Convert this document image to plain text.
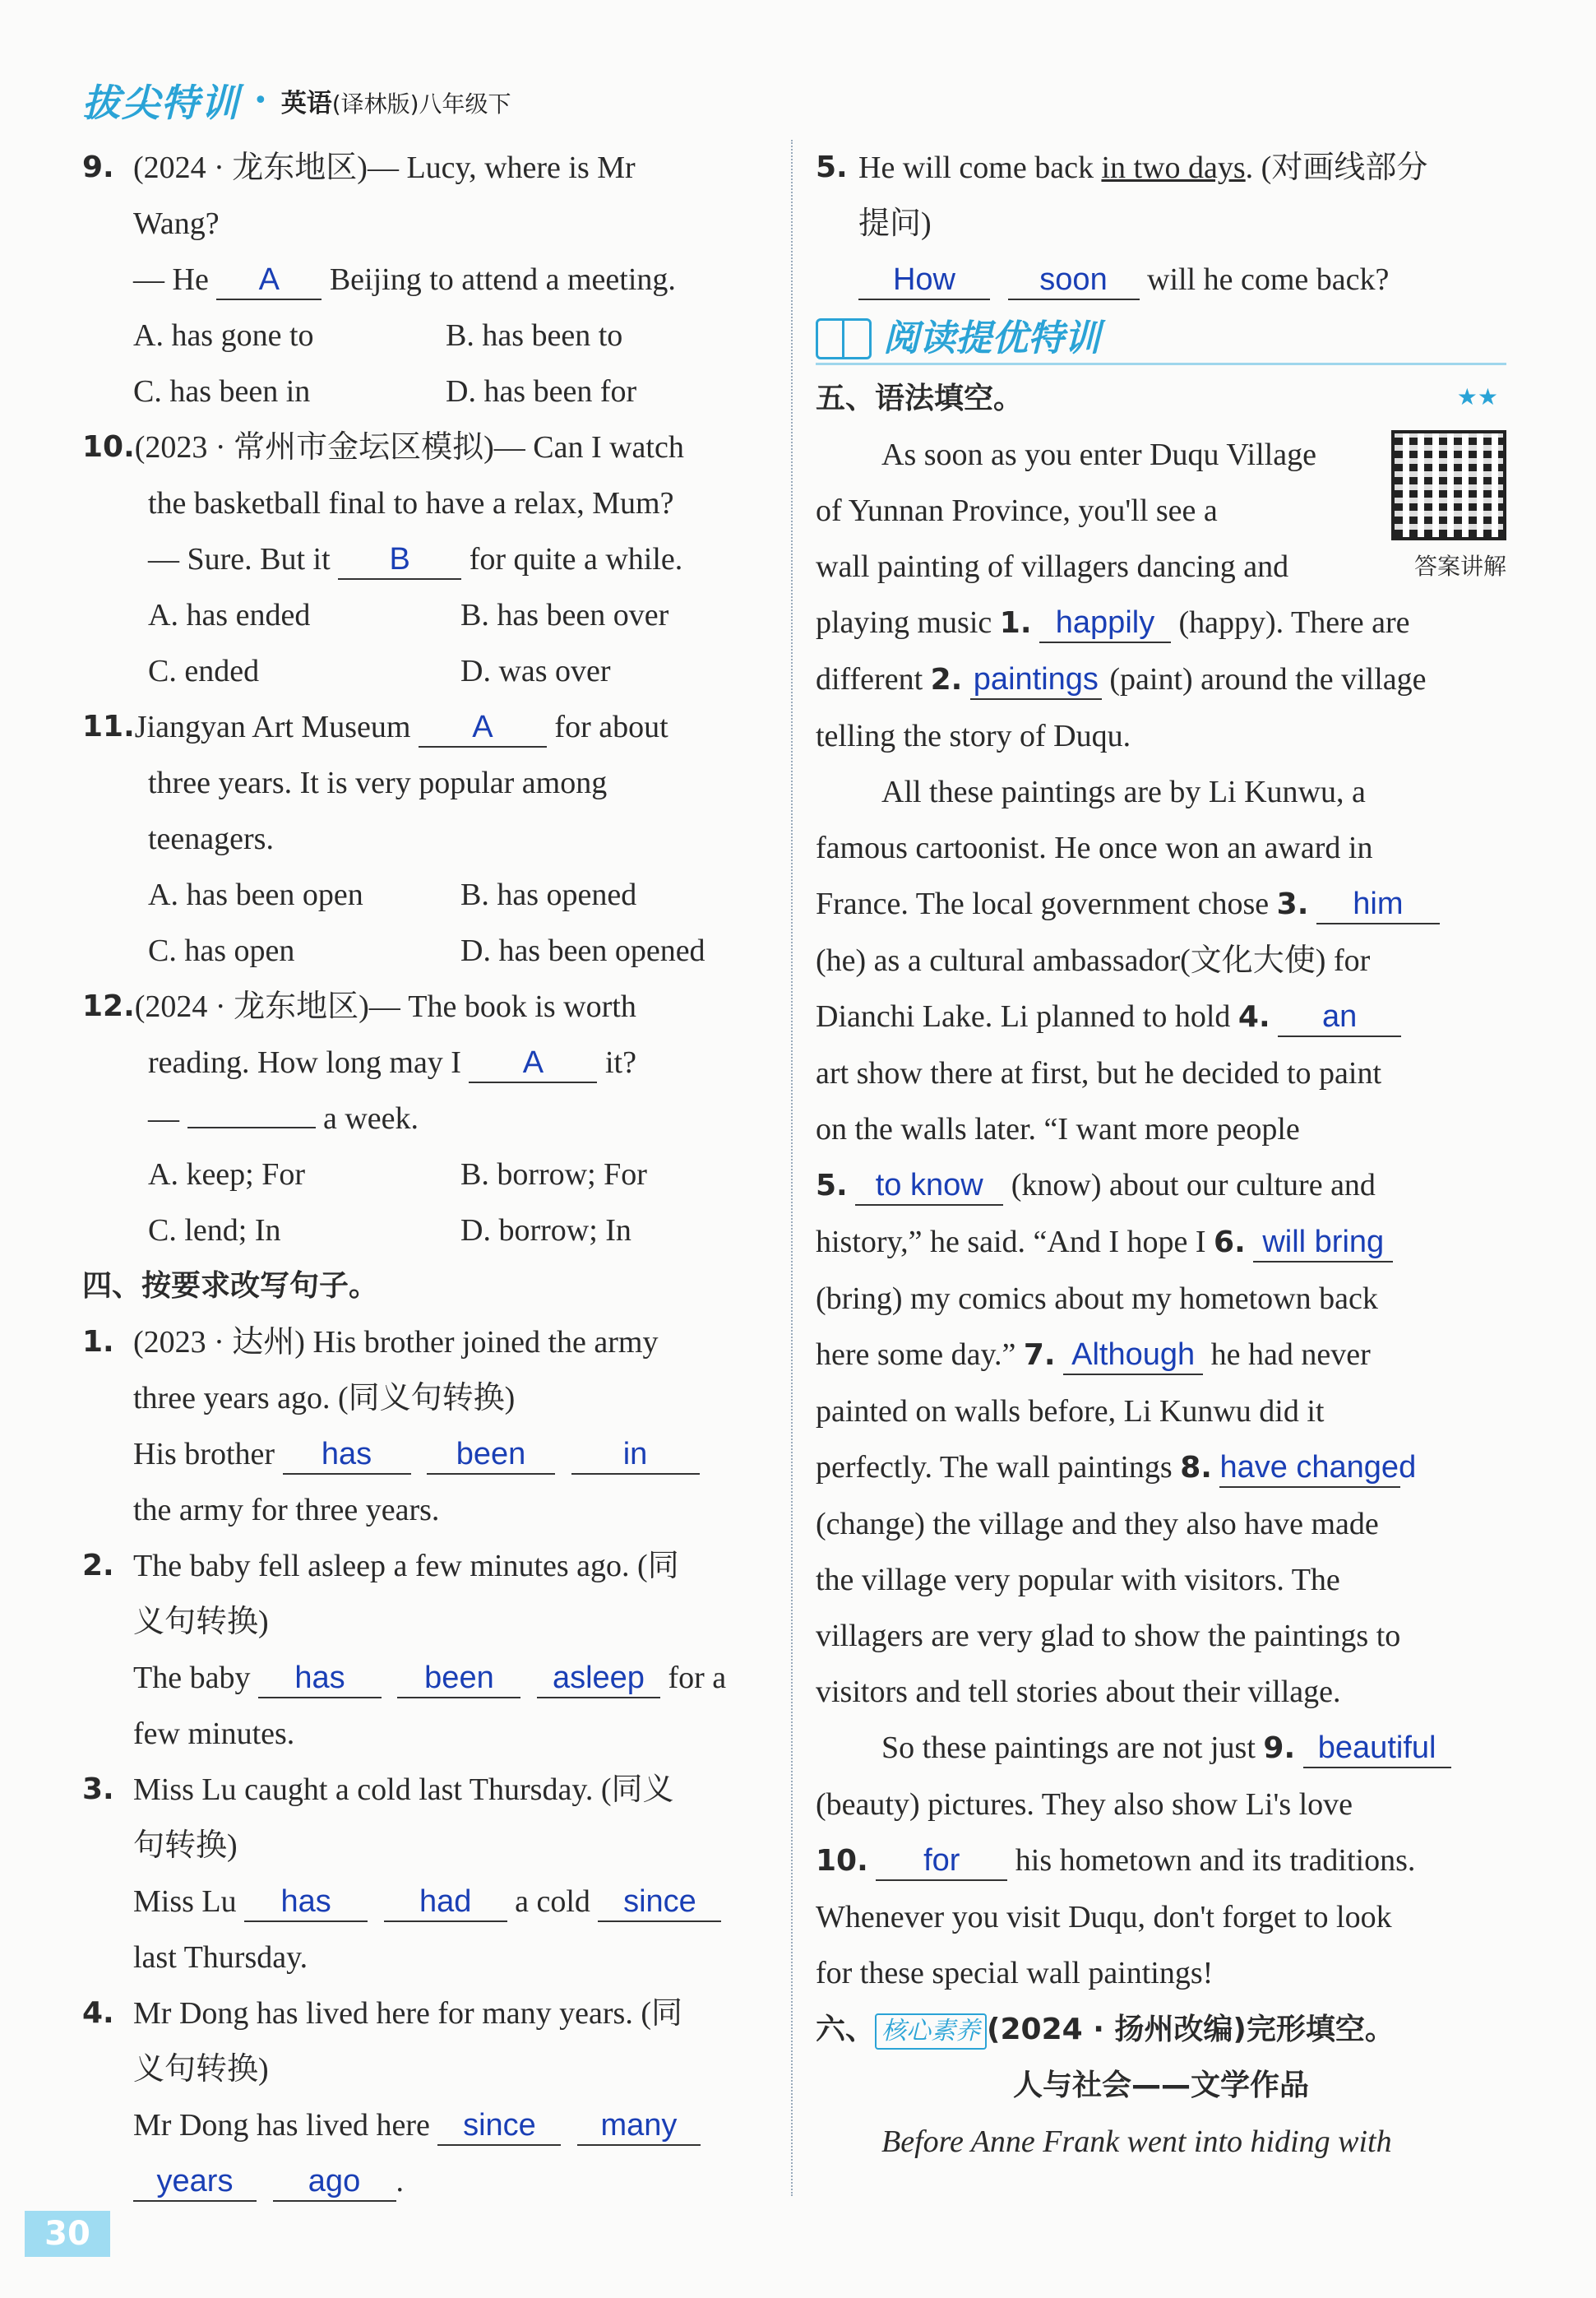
拔尖特训 • 英语(译林版)八年级下
9. (2024 · 龙东地区)— Lucy, where is Mr
Wang?
— He A Beijing to attend a meeting.
A. has gone to	B. has been to
C. has been in	D. has been for
10. (2023 · 常州市金坛区模拟)— Can I watch
the basketball final to have a relax, Mum?
— Sure. But it B for quite a while.
A. has ended	B. has been over
C. ended	D. was over
11. Jiangyan Art Museum A for about
three years. It is very popular among
teenagers.
A. has been open	B. has opened
C. has open	D. has been opened
12. (2024 · 龙东地区)— The book is worth
reading. How long may I A it?
—	a week.
A. keep; For	B. borrow; For
C. lend; In	D. borrow; In
四、按要求改写句子。
1. (2023 · 达州) His brother joined the army
three years ago. (同义句转换)
His brother has	been	in
the army for three years.
2. The baby fell asleep a few minutes ago. (同
义句转换)
The baby has	been asleep for a
few minutes.
3. Miss Lu caught a cold last Thursday. (同义
句转换)
Miss Lu has	had a cold since
last Thursday.
4. Mr Dong has lived here for many years. (同
义句转换)
Mr Dong has lived here since many
years ago .
5. He will come back in two days. (对画线部分
提问)
How	soon will he come back?
阅读提优特训
五、语法填空。	★★
答案讲解
As soon as you enter Duqu Village
of Yunnan Province, you'll see a
wall painting of villagers dancing and
playing music 1. happily (happy). There are
different 2. paintings (paint) around the village
telling the story of Duqu.
All these paintings are by Li Kunwu, a
famous cartoonist. He once won an award in
France. The local government chose 3. him
(he) as a cultural ambassador(文化大使) for
Dianchi Lake. Li planned to hold 4. an
art show there at first, but he decided to paint
on the walls later. “I want more people
5. to know (know) about our culture and
history,” he said. “And I hope I 6. will bring
(bring) my comics about my hometown back
here some day.” 7. Although he had never
painted on walls before, Li Kunwu did it
perfectly. The wall paintings 8. have changed
(change) the village and they also have made
the village very popular with visitors. The
villagers are very glad to show the paintings to
visitors and tell stories about their village.
So these paintings are not just 9. beautiful
(beauty) pictures. They also show Li's love
10. for his hometown and its traditions.
Whenever you visit Duqu, don't forget to look
for these special wall paintings!
六、 核心素养 (2024 · 扬州改编)完形填空。
人与社会——文学作品
Before Anne Frank went into hiding with
30
